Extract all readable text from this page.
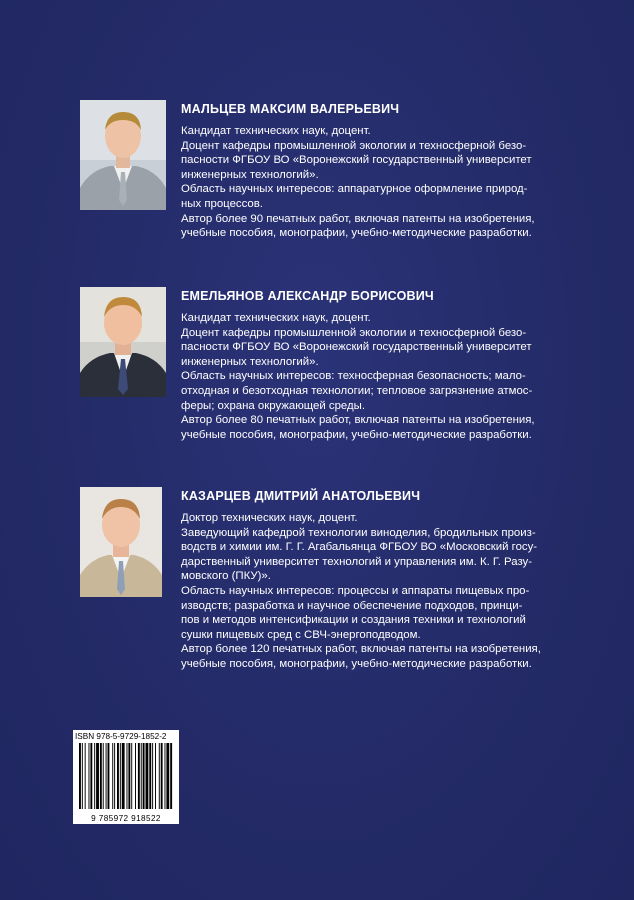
МАЛЬЦЕВ МАКСИМ ВАЛЕРЬЕВИЧ
Кандидат технических наук, доцент.
Доцент кафедры промышленной экологии и техносферной безо-
пасности ФГБОУ ВО «Воронежский государственный университет
инженерных технологий».
Область научных интересов: аппаратурное оформление природ-
ных процессов.
Автор более 90 печатных работ, включая патенты на изобретения,
учебные пособия, монографии, учебно-методические разработки.
ЕМЕЛЬЯНОВ АЛЕКСАНДР БОРИСОВИЧ
Кандидат технических наук, доцент.
Доцент кафедры промышленной экологии и техносферной безо-
пасности ФГБОУ ВО «Воронежский государственный университет
инженерных технологий».
Область научных интересов: техносферная безопасность; мало-
отходная и безотходная технологии; тепловое загрязнение атмос-
феры; охрана окружающей среды.
Автор более 80 печатных работ, включая патенты на изобретения,
учебные пособия, монографии, учебно-методические разработки.
КАЗАРЦЕВ ДМИТРИЙ АНАТОЛЬЕВИЧ
Доктор технических наук, доцент.
Заведующий кафедрой технологии виноделия, бродильных произ-
водств и химии им. Г. Г. Агабальянца ФГБОУ ВО «Московский госу-
дарственный университет технологий и управления им. К. Г. Разу-
мовского (ПКУ)».
Область научных интересов: процессы и аппараты пищевых про-
изводств; разработка и научное обеспечение подходов, принци-
пов и методов интенсификации и создания техники и технологий
сушки пищевых сред с СВЧ-энергоподводом.
Автор более 120 печатных работ, включая патенты на изобретения,
учебные пособия, монографии, учебно-методические разработки.
ISBN 978-5-9729-1852-2
9 785972 918522
